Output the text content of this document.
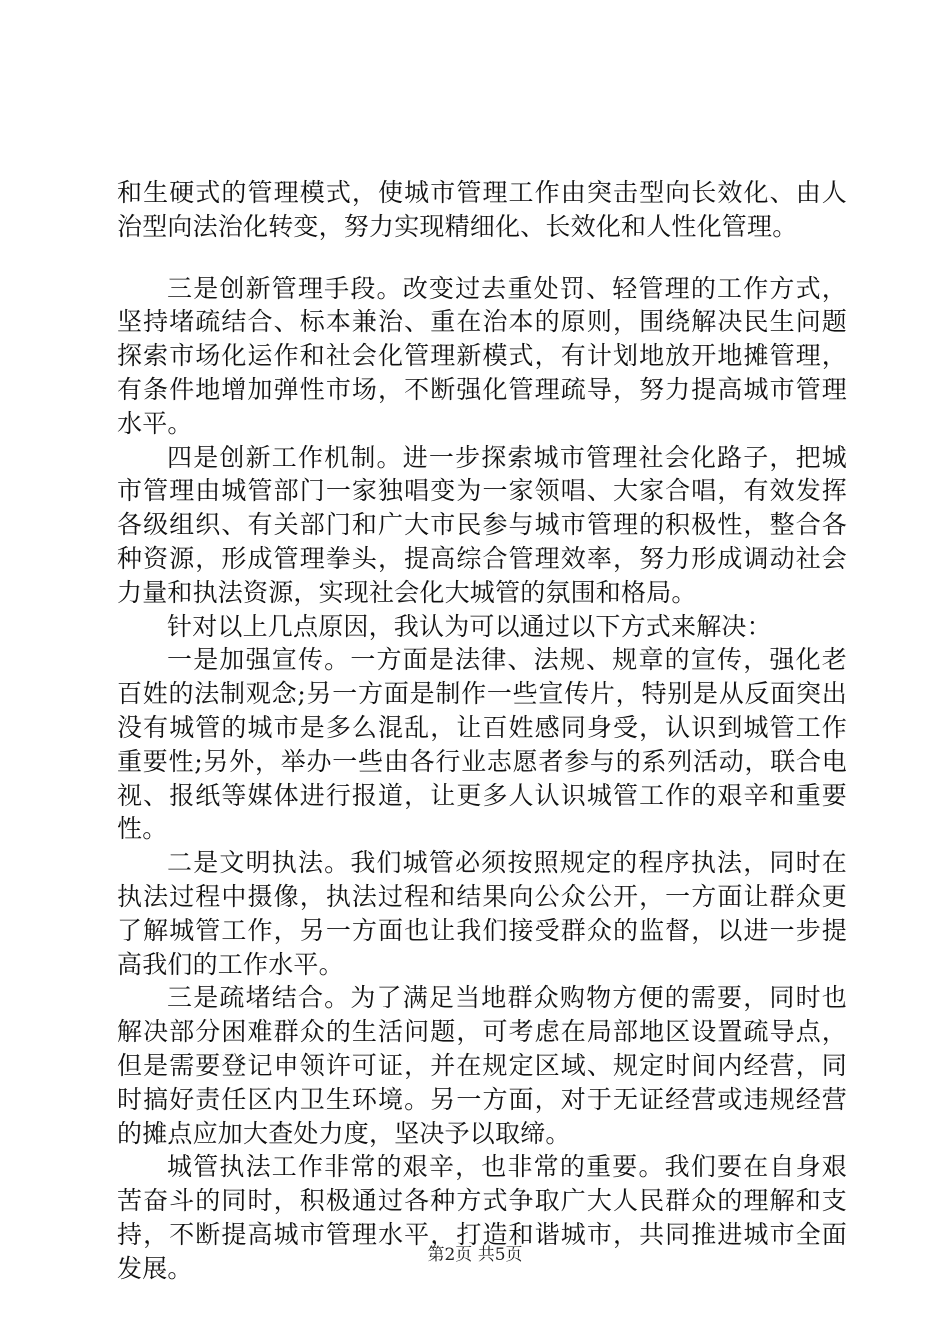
和生硬式的管理模式，使城市管理工作由突击型向长效化、由人治型向法治化转变，努力实现精细化、长效化和人性化管理。

三是创新管理手段。改变过去重处罚、轻管理的工作方式，坚持堵疏结合、标本兼治、重在治本的原则，围绕解决民生问题探索市场化运作和社会化管理新模式，有计划地放开地摊管理，有条件地增加弹性市场，不断强化管理疏导，努力提高城市管理水平。

四是创新工作机制。进一步探索城市管理社会化路子，把城市管理由城管部门一家独唱变为一家领唱、大家合唱，有效发挥各级组织、有关部门和广大市民参与城市管理的积极性，整合各种资源，形成管理拳头，提高综合管理效率，努力形成调动社会力量和执法资源，实现社会化大城管的氛围和格局。

针对以上几点原因，我认为可以通过以下方式来解决：

一是加强宣传。一方面是法律、法规、规章的宣传，强化老百姓的法制观念;另一方面是制作一些宣传片，特别是从反面突出没有城管的城市是多么混乱，让百姓感同身受，认识到城管工作重要性;另外，举办一些由各行业志愿者参与的系列活动，联合电视、报纸等媒体进行报道，让更多人认识城管工作的艰辛和重要性。

二是文明执法。我们城管必须按照规定的程序执法，同时在执法过程中摄像，执法过程和结果向公众公开，一方面让群众更了解城管工作，另一方面也让我们接受群众的监督，以进一步提高我们的工作水平。

三是疏堵结合。为了满足当地群众购物方便的需要，同时也解决部分困难群众的生活问题，可考虑在局部地区设置疏导点，但是需要登记申领许可证，并在规定区域、规定时间内经营，同时搞好责任区内卫生环境。另一方面，对于无证经营或违规经营的摊点应加大查处力度，坚决予以取缔。

城管执法工作非常的艰辛，也非常的重要。我们要在自身艰苦奋斗的同时，积极通过各种方式争取广大人民群众的理解和支持，不断提高城市管理水平，打造和谐城市，共同推进城市全面发展。	第2页 共5页
